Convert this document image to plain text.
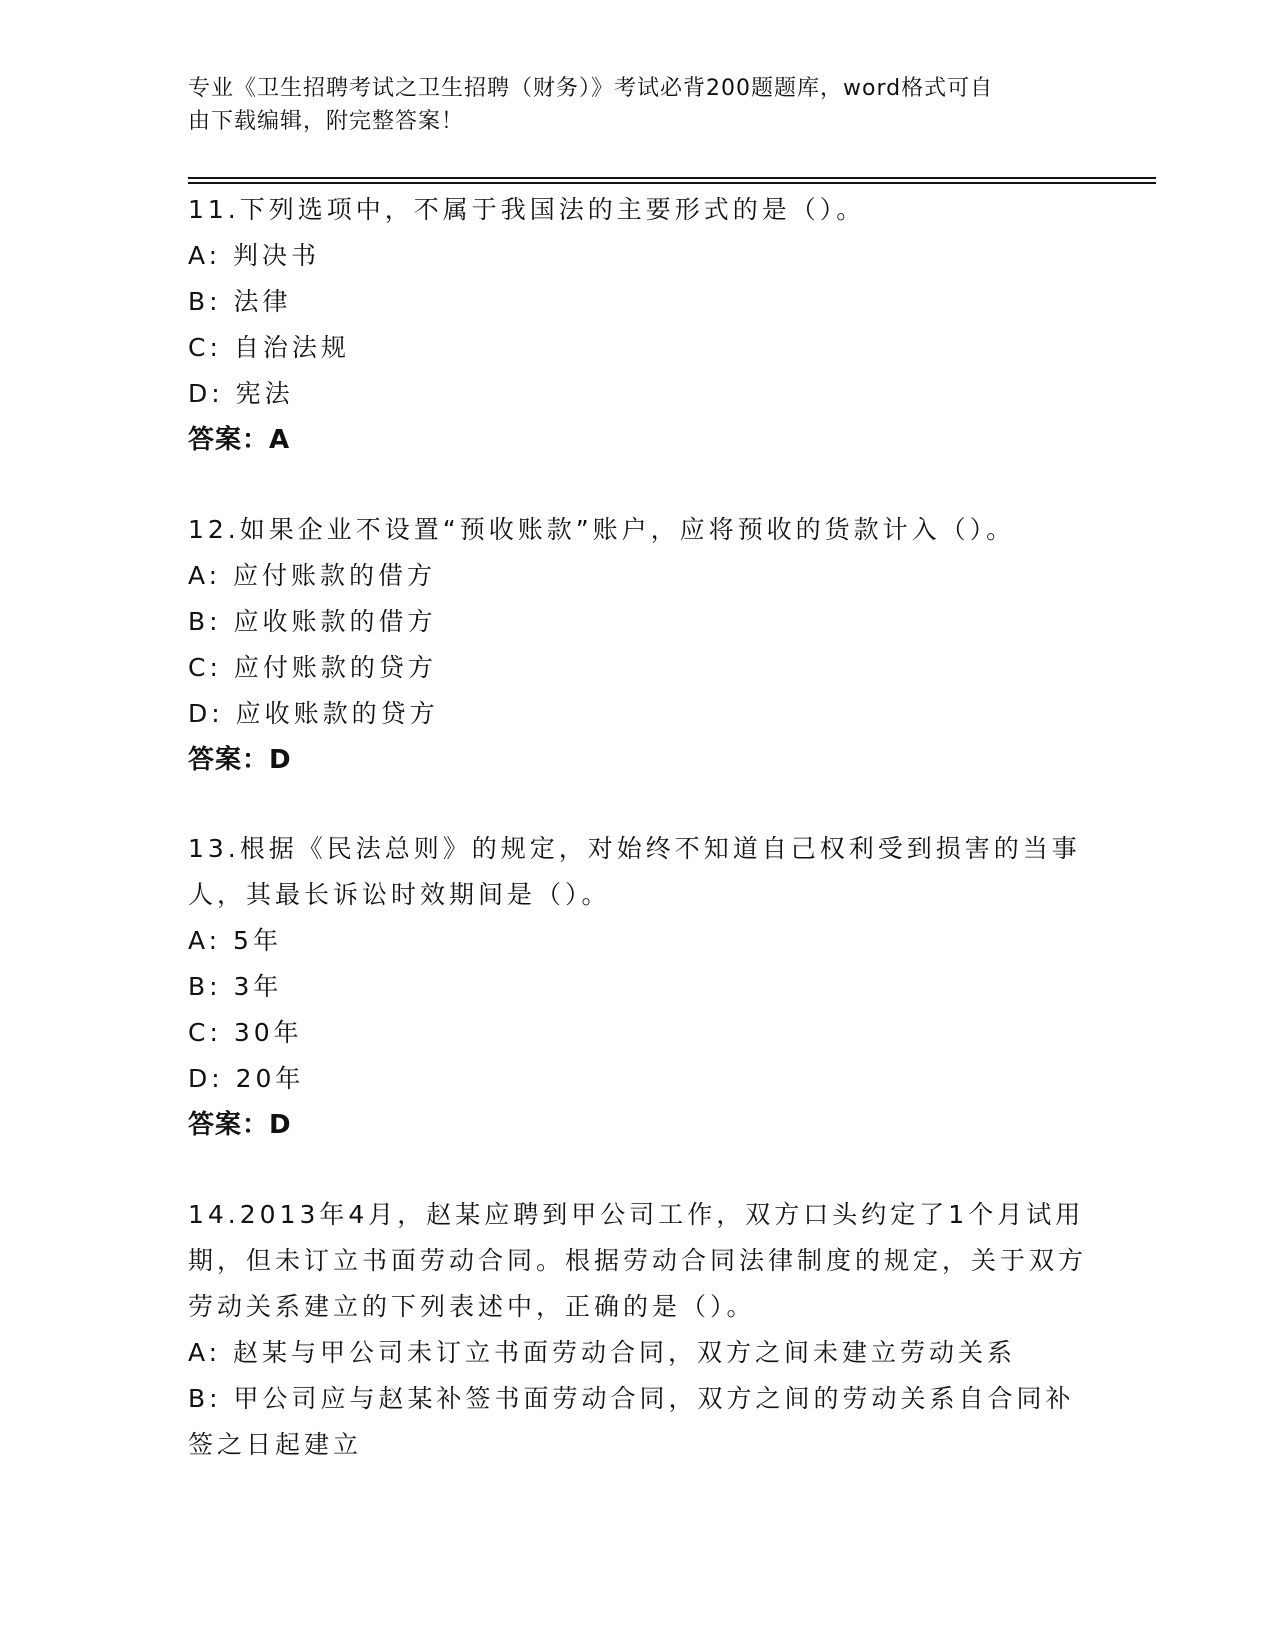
专业《卫生招聘考试之卫生招聘（财务）》考试必背200题题库，word格式可自
由下载编辑，附完整答案！

11.下列选项中，不属于我国法的主要形式的是（）。

A: 判决书

B: 法律

C: 自治法规

D: 宪法

答案：A

12.如果企业不设置“预收账款”账户，应将预收的货款计入（）。

A: 应付账款的借方

B: 应收账款的借方

C: 应付账款的贷方

D: 应收账款的贷方

答案：D

13.根据《民法总则》的规定，对始终不知道自己权利受到损害的当事人，其最长诉讼时效期间是（）。

A: 5年

B: 3年

C: 30年

D: 20年

答案：D

14.2013年4月，赵某应聘到甲公司工作，双方口头约定了1个月试用期，但未订立书面劳动合同。根据劳动合同法律制度的规定，关于双方劳动关系建立的下列表述中，正确的是（）。

A: 赵某与甲公司未订立书面劳动合同，双方之间未建立劳动关系

B: 甲公司应与赵某补签书面劳动合同，双方之间的劳动关系自合同补签之日起建立
